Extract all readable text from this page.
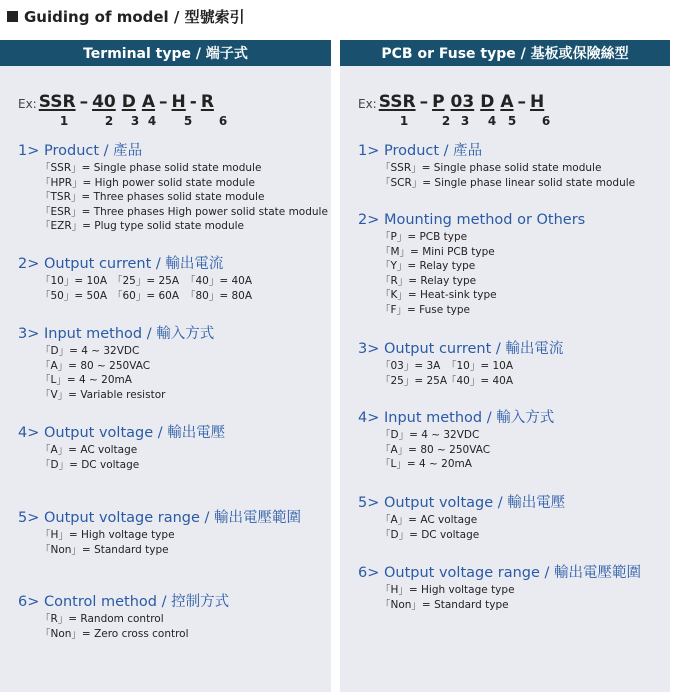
Guiding of model / 型號索引
Terminal type / 端子式
Ex: SSR – 40 D A – H - R
1	2 3 4 5 6
1> Product / 產品
「SSR」= Single phase solid state module
「HPR」= High power solid state module
「TSR」= Three phases solid state module
「ESR」= Three phases High power solid state module
「EZR」= Plug type solid state module
2> Output current / 輸出電流
「10」= 10A 「25」= 25A 「40」= 40A
「50」= 50A 「60」= 60A 「80」= 80A
3> Input method / 輸入方式
「D」= 4 ~ 32VDC
「A」= 80 ~ 250VAC
「L」= 4 ~ 20mA
「V」= Variable resistor
4> Output voltage / 輸出電壓
「A」= AC voltage
「D」= DC voltage
5> Output voltage range / 輸出電壓範圍
「H」= High voltage type
「Non」= Standard type
6> Control method / 控制方式
「R」= Random control
「Non」= Zero cross control
PCB or Fuse type / 基板或保險絲型
Ex: SSR – P 03 D A – H
1	2 3 4 5 6
1> Product / 產品
「SSR」= Single phase solid state module
「SCR」= Single phase linear solid state module
2> Mounting method or Others
「P」= PCB type
「M」= Mini PCB type
「Y」= Relay type
「R」= Relay type
「K」= Heat-sink type
「F」= Fuse type
3> Output current / 輸出電流
「03」= 3A 「10」= 10A
「25」= 25A「40」= 40A
4> Input method / 輸入方式
「D」= 4 ~ 32VDC
「A」= 80 ~ 250VAC
「L」= 4 ~ 20mA
5> Output voltage / 輸出電壓
「A」= AC voltage
「D」= DC voltage
6> Output voltage range / 輸出電壓範圍
「H」= High voltage type
「Non」= Standard type
